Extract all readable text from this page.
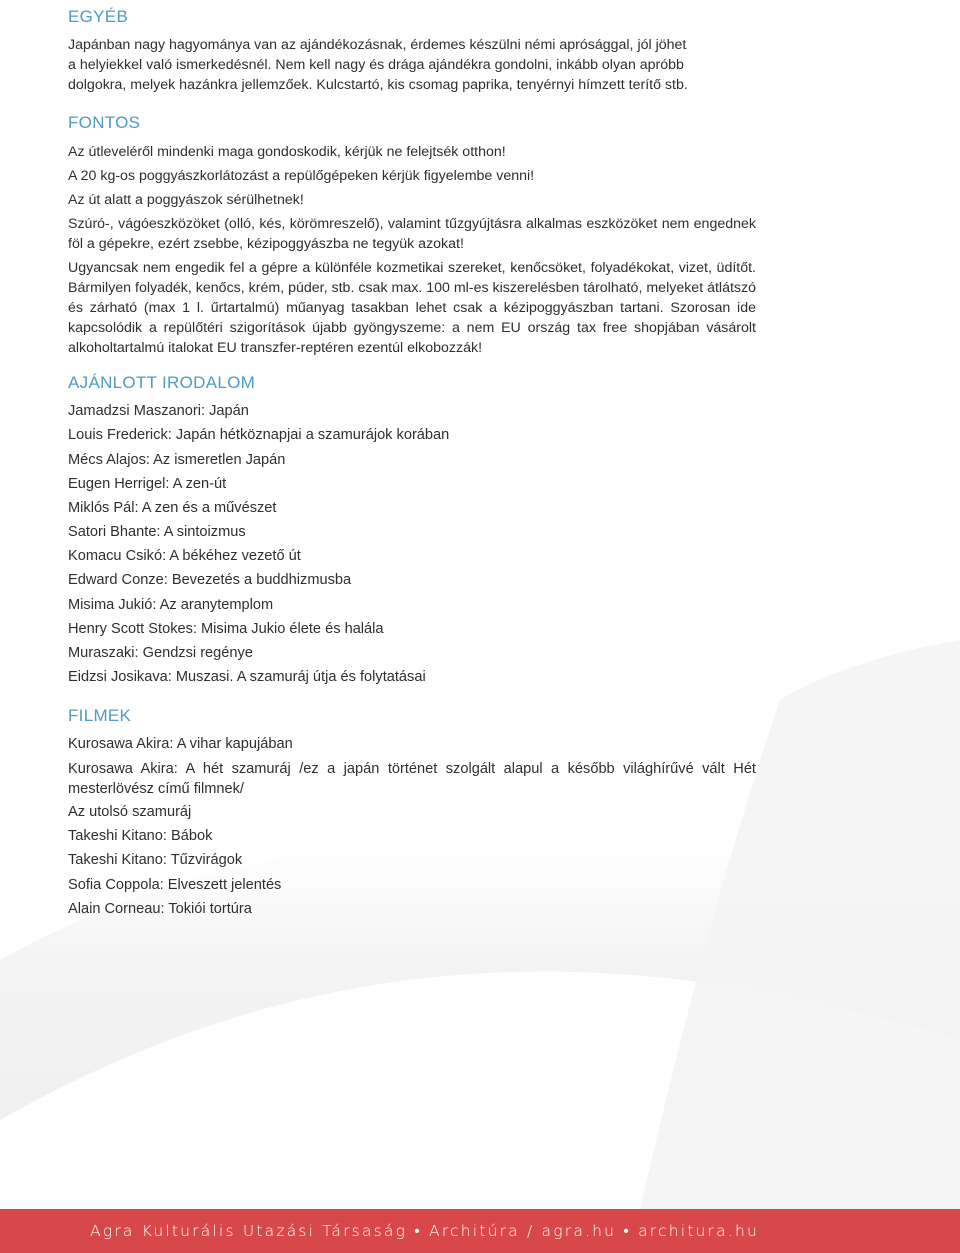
EGYÉB

Japánban nagy hagyománya van az ajándékozásnak, érdemes készülni némi aprósággal, jól jöhet

a helyiekkel való ismerkedésnél. Nem kell nagy és drága ajándékra gondolni, inkább olyan apróbb

dolgokra, melyek hazánkra jellemzőek. Kulcstartó, kis csomag paprika, tenyérnyi hímzett terítő stb.

FONTOS

Az útleveléről mindenki maga gondoskodik, kérjük ne felejtsék otthon!

A 20 kg-os poggyászkorlátozást a repülőgépeken kérjük figyelembe venni!

Az út alatt a poggyászok sérülhetnek!

Szúró-, vágóeszközöket (olló, kés, körömreszelő), valamint tűzgyújtásra alkalmas eszközöket nem engednek föl a gépekre, ezért zsebbe, kézipoggyászba ne tegyük azokat!

Ugyancsak nem engedik fel a gépre a különféle kozmetikai szereket, kenőcsöket, folyadékokat, vizet, üdítőt. Bármilyen folyadék, kenőcs, krém, púder, stb. csak max. 100 ml-es kiszerelésben tárolható, melyeket átlátszó és zárható (max 1 l. űrtartalmú) műanyag tasakban lehet csak a kézipoggyászban tartani. Szorosan ide kapcsolódik a repülőtéri szigorítások újabb gyöngyszeme: a nem EU ország tax free shopjában vásárolt alkoholtartalmú italokat EU transzfer-reptéren ezentúl elkobozzák!

AJÁNLOTT IRODALOM

Jamadzsi Maszanori: Japán

Louis Frederick: Japán hétköznapjai a szamurájok korában

Mécs Alajos: Az ismeretlen Japán

Eugen Herrigel: A zen-út

Miklós Pál: A zen és a művészet

Satori Bhante: A sintoizmus

Komacu Csikó: A békéhez vezető út

Edward Conze: Bevezetés a buddhizmusba

Misima Jukió: Az aranytemplom

Henry Scott Stokes: Misima Jukio élete és halála

Muraszaki: Gendzsi regénye

Eidzsi Josikava: Muszasi. A szamuráj útja és folytatásai

FILMEK

Kurosawa Akira: A vihar kapujában

Kurosawa Akira: A hét szamuráj /ez a japán történet szolgált alapul a később világhírűvé vált Hét mesterlövész című filmnek/

Az utolsó szamuráj

Takeshi Kitano: Bábok

Takeshi Kitano: Tűzvirágok

Sofia Coppola: Elveszett jelentés

Alain Corneau: Tokiói tortúra

Agra Kulturális Utazási Társaság • Architúra / agra.hu • architura.hu
